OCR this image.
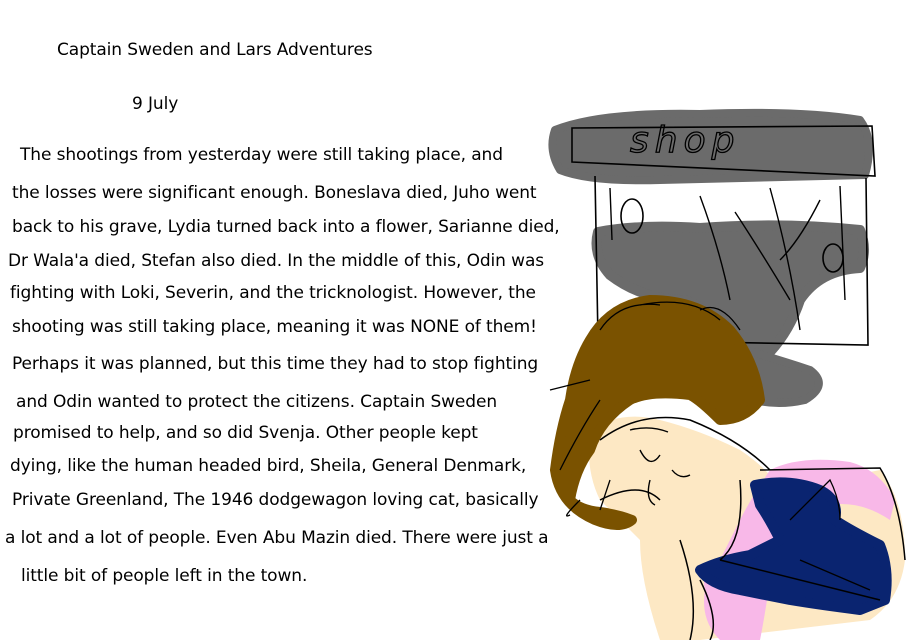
Captain Sweden and Lars Adventures
9 July
The shootings from yesterday were still taking place, and
the losses were significant enough. Boneslava died, Juho went
back to his grave, Lydia turned back into a flower, Sarianne died,
Dr Wala'a died, Stefan also died. In the middle of this, Odin was
fighting with Loki, Severin, and the tricknologist. However, the
shooting was still taking place, meaning it was NONE of them!
Perhaps it was planned, but this time they had to stop fighting
and Odin wanted to protect the citizens. Captain Sweden
promised to help, and so did Svenja. Other people kept
dying, like the human headed bird, Sheila, General Denmark,
Private Greenland, The 1946 dodgewagon loving cat, basically
a lot and a lot of people. Even Abu Mazin died. There were just a
little bit of people left in the town.
shop
